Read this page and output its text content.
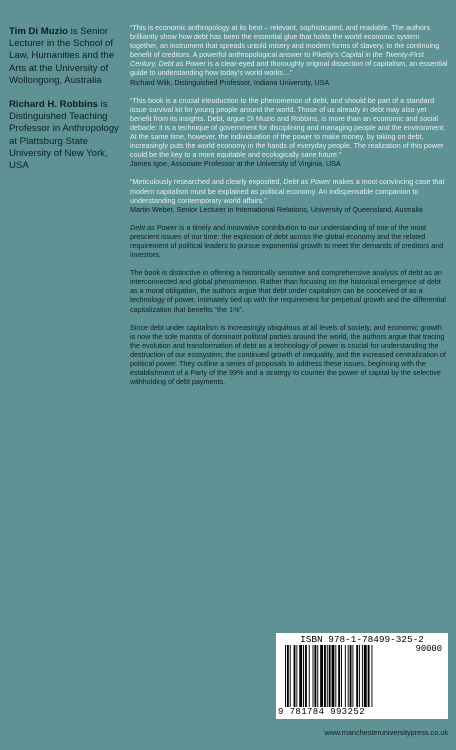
Tim Di Muzio is Senior Lecturer in the School of Law, Humanities and the Arts at the University of Wollongong, Australia

Richard H. Robbins is Distinguished Teaching Professor in Anthropology at Plattsburg State University of New York, USA

“This is economic anthropology at its best – relevant, sophisticated, and readable. The authors brilliantly show how debt has been the essential glue that holds the world economic system together, an instrument that spreads untold misery and modern forms of slavery, to the continuing benefit of creditors. A powerful anthropological answer to Piketty’s Capital in the Twenty-First Century, Debt as Power is a clear-eyed and thoroughly original dissection of capitalism, an essential guide to understanding how today’s world works…”

Richard Wilk, Distinguished Professor, Indiana University, USA

“This book is a crucial introduction to the phenomenon of debt, and should be part of a standard issue survival kit for young people around the world. Those of us already in debt may also yet benefit from its insights. Debt, argue Di Muzio and Robbins, is more than an economic and social debacle: it is a technique of government for disciplining and managing people and the environment. At the same time, however, the individuation of the power to make money, by taking on debt, increasingly puts the world economy in the hands of everyday people. The realization of this power could be the key to a more equitable and ecologically sane future.”

James Igoe, Associate Professor at the University of Virginia, USA

“Meticulously researched and clearly exposited, Debt as Power makes a most convincing case that modern capitalism must be explained as political economy. An indispensable companion to understanding contemporary world affairs.”

Martin Weber, Senior Lecturer in International Relations, University of Queensland, Australia

Debt as Power is a timely and innovative contribution to our understanding of one of the most prescient issues of our time: the explosion of debt across the global economy and the related requirement of political leaders to pursue exponential growth to meet the demands of creditors and investors.

The book is distinctive in offering a historically sensitive and comprehensive analysis of debt as an interconnected and global phenomenon. Rather than focusing on the historical emergence of debt as a moral obligation, the authors argue that debt under capitalism can be conceived of as a technology of power, intimately tied up with the requirement for perpetual growth and the differential capitalization that benefits “the 1%”.

Since debt under capitalism is increasingly ubiquitous at all levels of society, and economic growth is now the sole mantra of dominant political parties around the world, the authors argue that tracing the evolution and transformation of debt as a technology of power is crucial for understanding the destruction of our ecosystem, the continued growth of inequality, and the increased centralization of political power. They outline a series of proposals to address these issues, beginning with the establishment of a Party of the 99% and a strategy to counter the power of capital by the selective withholding of debt payments.

ISBN 978-1-78499-325-2
90000
9 781784 993252
www.manchesteruniversitypress.co.uk
